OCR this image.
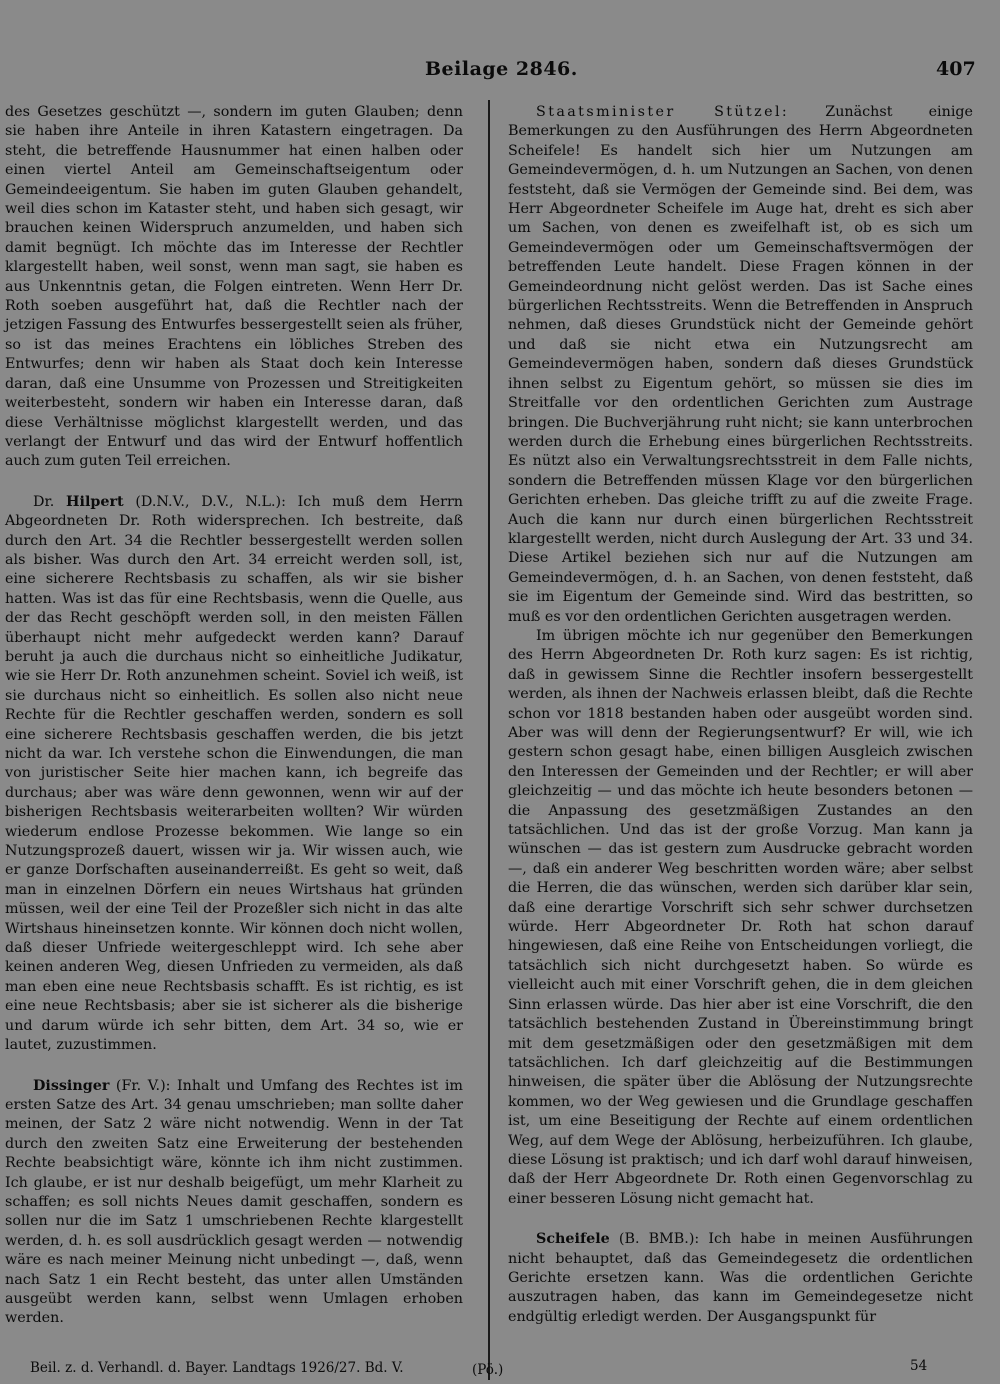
Beilage 2846.	407

des Gesetzes geschützt —, sondern im guten Glauben; denn sie haben ihre Anteile in ihren Katastern eingetragen. Da steht, die betreffende Hausnummer hat einen halben oder einen viertel Anteil am Gemeinschaftseigentum oder Gemeindeeigentum. Sie haben im guten Glauben gehandelt, weil dies schon im Kataster steht, und haben sich gesagt, wir brauchen keinen Widerspruch anzumelden, und haben sich damit begnügt. Ich möchte das im Interesse der Rechtler klargestellt haben, weil sonst, wenn man sagt, sie haben es aus Unkenntnis getan, die Folgen eintreten. Wenn Herr Dr. Roth soeben ausgeführt hat, daß die Rechtler nach der jetzigen Fassung des Entwurfes bessergestellt seien als früher, so ist das meines Erachtens ein löbliches Streben des Entwurfes; denn wir haben als Staat doch kein Interesse daran, daß eine Unsumme von Prozessen und Streitigkeiten weiterbesteht, sondern wir haben ein Interesse daran, daß diese Verhältnisse möglichst klargestellt werden, und das verlangt der Entwurf und das wird der Entwurf hoffentlich auch zum guten Teil erreichen.

Dr. Hilpert (D.N.V., D.V., N.L.): Ich muß dem Herrn Abgeordneten Dr. Roth widersprechen. Ich bestreite, daß durch den Art. 34 die Rechtler bessergestellt werden sollen als bisher. Was durch den Art. 34 erreicht werden soll, ist, eine sicherere Rechtsbasis zu schaffen, als wir sie bisher hatten. Was ist das für eine Rechtsbasis, wenn die Quelle, aus der das Recht geschöpft werden soll, in den meisten Fällen überhaupt nicht mehr aufgedeckt werden kann? Darauf beruht ja auch die durchaus nicht so einheitliche Judikatur, wie sie Herr Dr. Roth anzunehmen scheint. Soviel ich weiß, ist sie durchaus nicht so einheitlich. Es sollen also nicht neue Rechte für die Rechtler geschaffen werden, sondern es soll eine sicherere Rechtsbasis geschaffen werden, die bis jetzt nicht da war. Ich verstehe schon die Einwendungen, die man von juristischer Seite hier machen kann, ich begreife das durchaus; aber was wäre denn gewonnen, wenn wir auf der bisherigen Rechtsbasis weiterarbeiten wollten? Wir würden wiederum endlose Prozesse bekommen. Wie lange so ein Nutzungsprozeß dauert, wissen wir ja. Wir wissen auch, wie er ganze Dorfschaften auseinanderreißt. Es geht so weit, daß man in einzelnen Dörfern ein neues Wirtshaus hat gründen müssen, weil der eine Teil der Prozeßler sich nicht in das alte Wirtshaus hineinsetzen konnte. Wir können doch nicht wollen, daß dieser Unfriede weitergeschleppt wird. Ich sehe aber keinen anderen Weg, diesen Unfrieden zu vermeiden, als daß man eben eine neue Rechtsbasis schafft. Es ist richtig, es ist eine neue Rechtsbasis; aber sie ist sicherer als die bisherige und darum würde ich sehr bitten, dem Art. 34 so, wie er lautet, zuzustimmen.

Dissinger (Fr. V.): Inhalt und Umfang des Rechtes ist im ersten Satze des Art. 34 genau umschrieben; man sollte daher meinen, der Satz 2 wäre nicht notwendig. Wenn in der Tat durch den zweiten Satz eine Erweiterung der bestehenden Rechte beabsichtigt wäre, könnte ich ihm nicht zustimmen. Ich glaube, er ist nur deshalb beigefügt, um mehr Klarheit zu schaffen; es soll nichts Neues damit geschaffen, sondern es sollen nur die im Satz 1 umschriebenen Rechte klargestellt werden, d. h. es soll ausdrücklich gesagt werden — notwendig wäre es nach meiner Meinung nicht unbedingt —, daß, wenn nach Satz 1 ein Recht besteht, das unter allen Umständen ausgeübt werden kann, selbst wenn Umlagen erhoben werden.

Staatsminister Stützel: Zunächst einige Bemerkungen zu den Ausführungen des Herrn Abgeordneten Scheifele! Es handelt sich hier um Nutzungen am Gemeindevermögen, d. h. um Nutzungen an Sachen, von denen feststeht, daß sie Vermögen der Gemeinde sind. Bei dem, was Herr Abgeordneter Scheifele im Auge hat, dreht es sich aber um Sachen, von denen es zweifelhaft ist, ob es sich um Gemeindevermögen oder um Gemeinschaftsvermögen der betreffenden Leute handelt. Diese Fragen können in der Gemeindeordnung nicht gelöst werden. Das ist Sache eines bürgerlichen Rechtsstreits. Wenn die Betreffenden in Anspruch nehmen, daß dieses Grundstück nicht der Gemeinde gehört und daß sie nicht etwa ein Nutzungsrecht am Gemeindevermögen haben, sondern daß dieses Grundstück ihnen selbst zu Eigentum gehört, so müssen sie dies im Streitfalle vor den ordentlichen Gerichten zum Austrage bringen. Die Buchverjährung ruht nicht; sie kann unterbrochen werden durch die Erhebung eines bürgerlichen Rechtsstreits. Es nützt also ein Verwaltungsrechtsstreit in dem Falle nichts, sondern die Betreffenden müssen Klage vor den bürgerlichen Gerichten erheben. Das gleiche trifft zu auf die zweite Frage. Auch die kann nur durch einen bürgerlichen Rechtsstreit klargestellt werden, nicht durch Auslegung der Art. 33 und 34. Diese Artikel beziehen sich nur auf die Nutzungen am Gemeindevermögen, d. h. an Sachen, von denen feststeht, daß sie im Eigentum der Gemeinde sind. Wird das bestritten, so muß es vor den ordentlichen Gerichten ausgetragen werden.

Im übrigen möchte ich nur gegenüber den Bemerkungen des Herrn Abgeordneten Dr. Roth kurz sagen: Es ist richtig, daß in gewissem Sinne die Rechtler insofern bessergestellt werden, als ihnen der Nachweis erlassen bleibt, daß die Rechte schon vor 1818 bestanden haben oder ausgeübt worden sind. Aber was will denn der Regierungsentwurf? Er will, wie ich gestern schon gesagt habe, einen billigen Ausgleich zwischen den Interessen der Gemeinden und der Rechtler; er will aber gleichzeitig — und das möchte ich heute besonders betonen — die Anpassung des gesetzmäßigen Zustandes an den tatsächlichen. Und das ist der große Vorzug. Man kann ja wünschen — das ist gestern zum Ausdrucke gebracht worden —, daß ein anderer Weg beschritten worden wäre; aber selbst die Herren, die das wünschen, werden sich darüber klar sein, daß eine derartige Vorschrift sich sehr schwer durchsetzen würde. Herr Abgeordneter Dr. Roth hat schon darauf hingewiesen, daß eine Reihe von Entscheidungen vorliegt, die tatsächlich sich nicht durchgesetzt haben. So würde es vielleicht auch mit einer Vorschrift gehen, die in dem gleichen Sinn erlassen würde. Das hier aber ist eine Vorschrift, die den tatsächlich bestehenden Zustand in Übereinstimmung bringt mit dem gesetzmäßigen oder den gesetzmäßigen mit dem tatsächlichen. Ich darf gleichzeitig auf die Bestimmungen hinweisen, die später über die Ablösung der Nutzungsrechte kommen, wo der Weg gewiesen und die Grundlage geschaffen ist, um eine Beseitigung der Rechte auf einem ordentlichen Weg, auf dem Wege der Ablösung, herbeizuführen. Ich glaube, diese Lösung ist praktisch; und ich darf wohl darauf hinweisen, daß der Herr Abgeordnete Dr. Roth einen Gegenvorschlag zu einer besseren Lösung nicht gemacht hat.

Scheifele (B. BMB.): Ich habe in meinen Ausführungen nicht behauptet, daß das Gemeindegesetz die ordentlichen Gerichte ersetzen kann. Was die ordentlichen Gerichte auszutragen haben, das kann im Gemeindegesetze nicht endgültig erledigt werden. Der Ausgangspunkt für

Beil. z. d. Verhandl. d. Bayer. Landtags 1926/27. Bd. V.	(Pö.)	54
